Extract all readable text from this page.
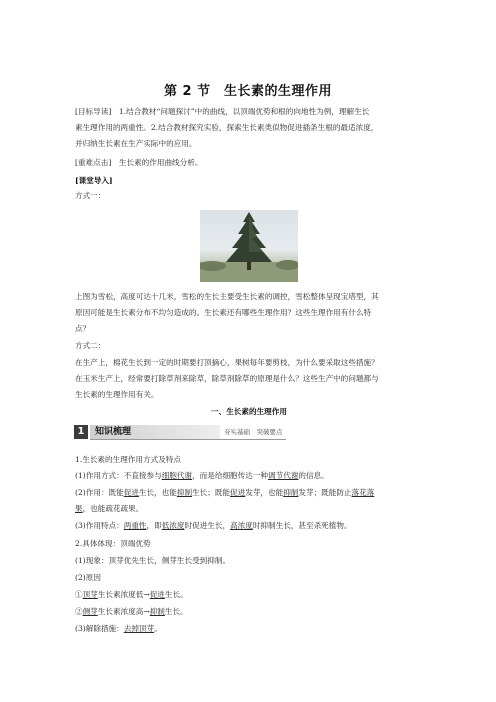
第 2 节　生长素的生理作用
[目标导读]　1.结合教材“问题探讨”中的曲线，以顶端优势和根的向地性为例，理解生长
素生理作用的两重性。2.结合教材探究实验，探索生长素类似物促进插条生根的最适浓度，
并归纳生长素在生产实际中的应用。
[重难点击]　生长素的作用曲线分析。
[课堂导入]
方式一：
上图为雪松，高度可达十几米，雪松的生长主要受生长素的调控，雪松整体呈现宝塔型，其
原因可能是生长素分布不均匀造成的。生长素还有哪些生理作用？这些生理作用有什么特
点？
方式二：
在生产上，棉花生长到一定的时期要打顶摘心，果树每年要剪枝，为什么要采取这些措施？
在玉米生产上，经常要打除草剂来除草，除草剂除草的原理是什么？这些生产中的问题都与
生长素的生理作用有关。
一、生长素的生理作用
1	知识梳理	夯实基础　突破要点
1.生长素的生理作用方式及特点
(1)作用方式：不直接参与细胞代谢，而是给细胞传达一种调节代谢的信息。
(2)作用：既能促进生长，也能抑制生长；既能促进发芽，也能抑制发芽；既能防止落花落
果，也能疏花疏果。
(3)作用特点：两重性，即低浓度时促进生长，高浓度时抑制生长，甚至杀死植物。
2.具体体现：顶端优势
(1)现象：顶芽优先生长，侧芽生长受到抑制。
(2)原因
①顶芽生长素浓度低→促进生长。
②侧芽生长素浓度高→抑制生长。
(3)解除措施：去掉顶芽。
